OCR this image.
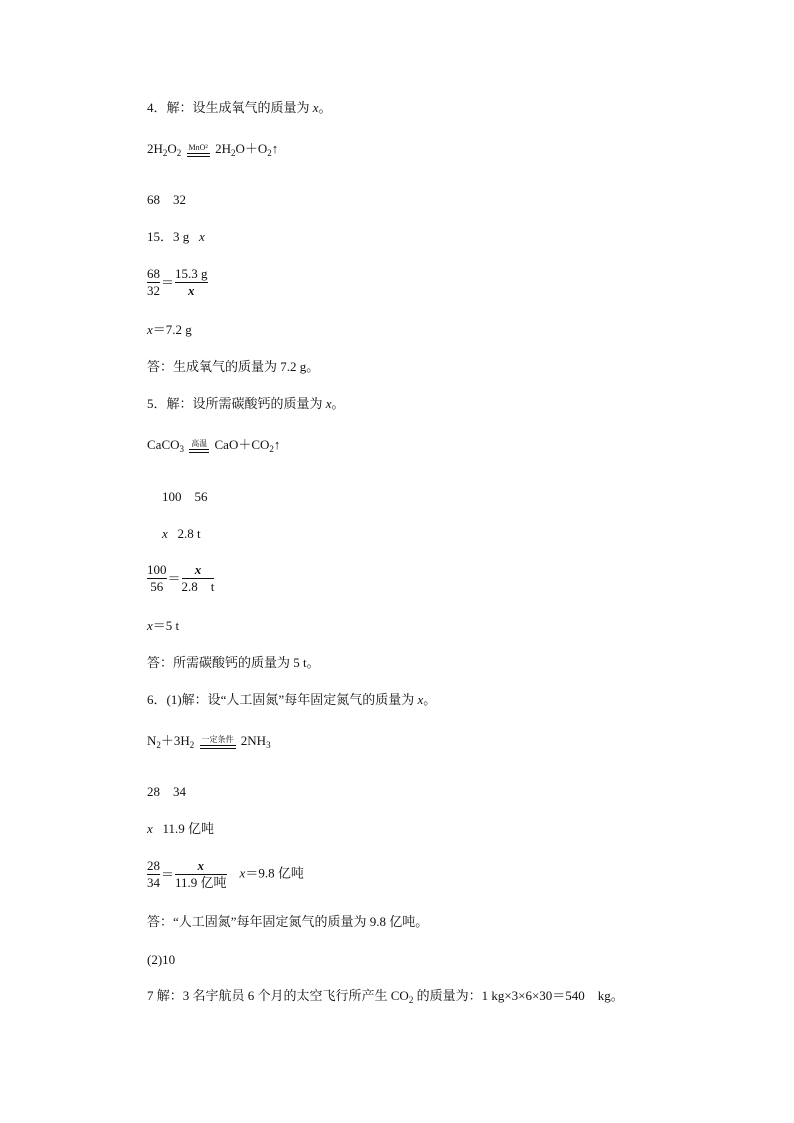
4．解：设生成氧气的质量为 x。
$2H_2O_2$
MnO² $2H_2O+O_2↑$
68　32
15．3 g x
$\frac{68}{32} = \frac{15.3 g}{x}$
x＝7.2 g
答：生成氧气的质量为 7.2 g。
5．解：设所需碳酸钙的质量为 x。
CaCO$_3$
高温 $CaO+CO_2↑$
100　56
x 2.8 t
$\frac{100}{56} = \frac{x}{2.8 t}$
x＝5 t
答：所需碳酸钙的质量为 5 t。
6．(1)解：设“人工固氮”每年固定氮气的质量为 x。
$N_2+3H_2$
一定条件 $2NH_3$
28　34
x 11.9 亿吨
$\frac{28}{34} = \frac{x}{\text{11.9 亿吨}} x=9.8$ 亿吨
答：“人工固氮”每年固定氮气的质量为 9.8 亿吨。
(2)10
7 解：3 名宇航员 6 个月的太空飞行所产生 $CO_2$ 的质量为：1 kg×3×6×30＝540　kg。
